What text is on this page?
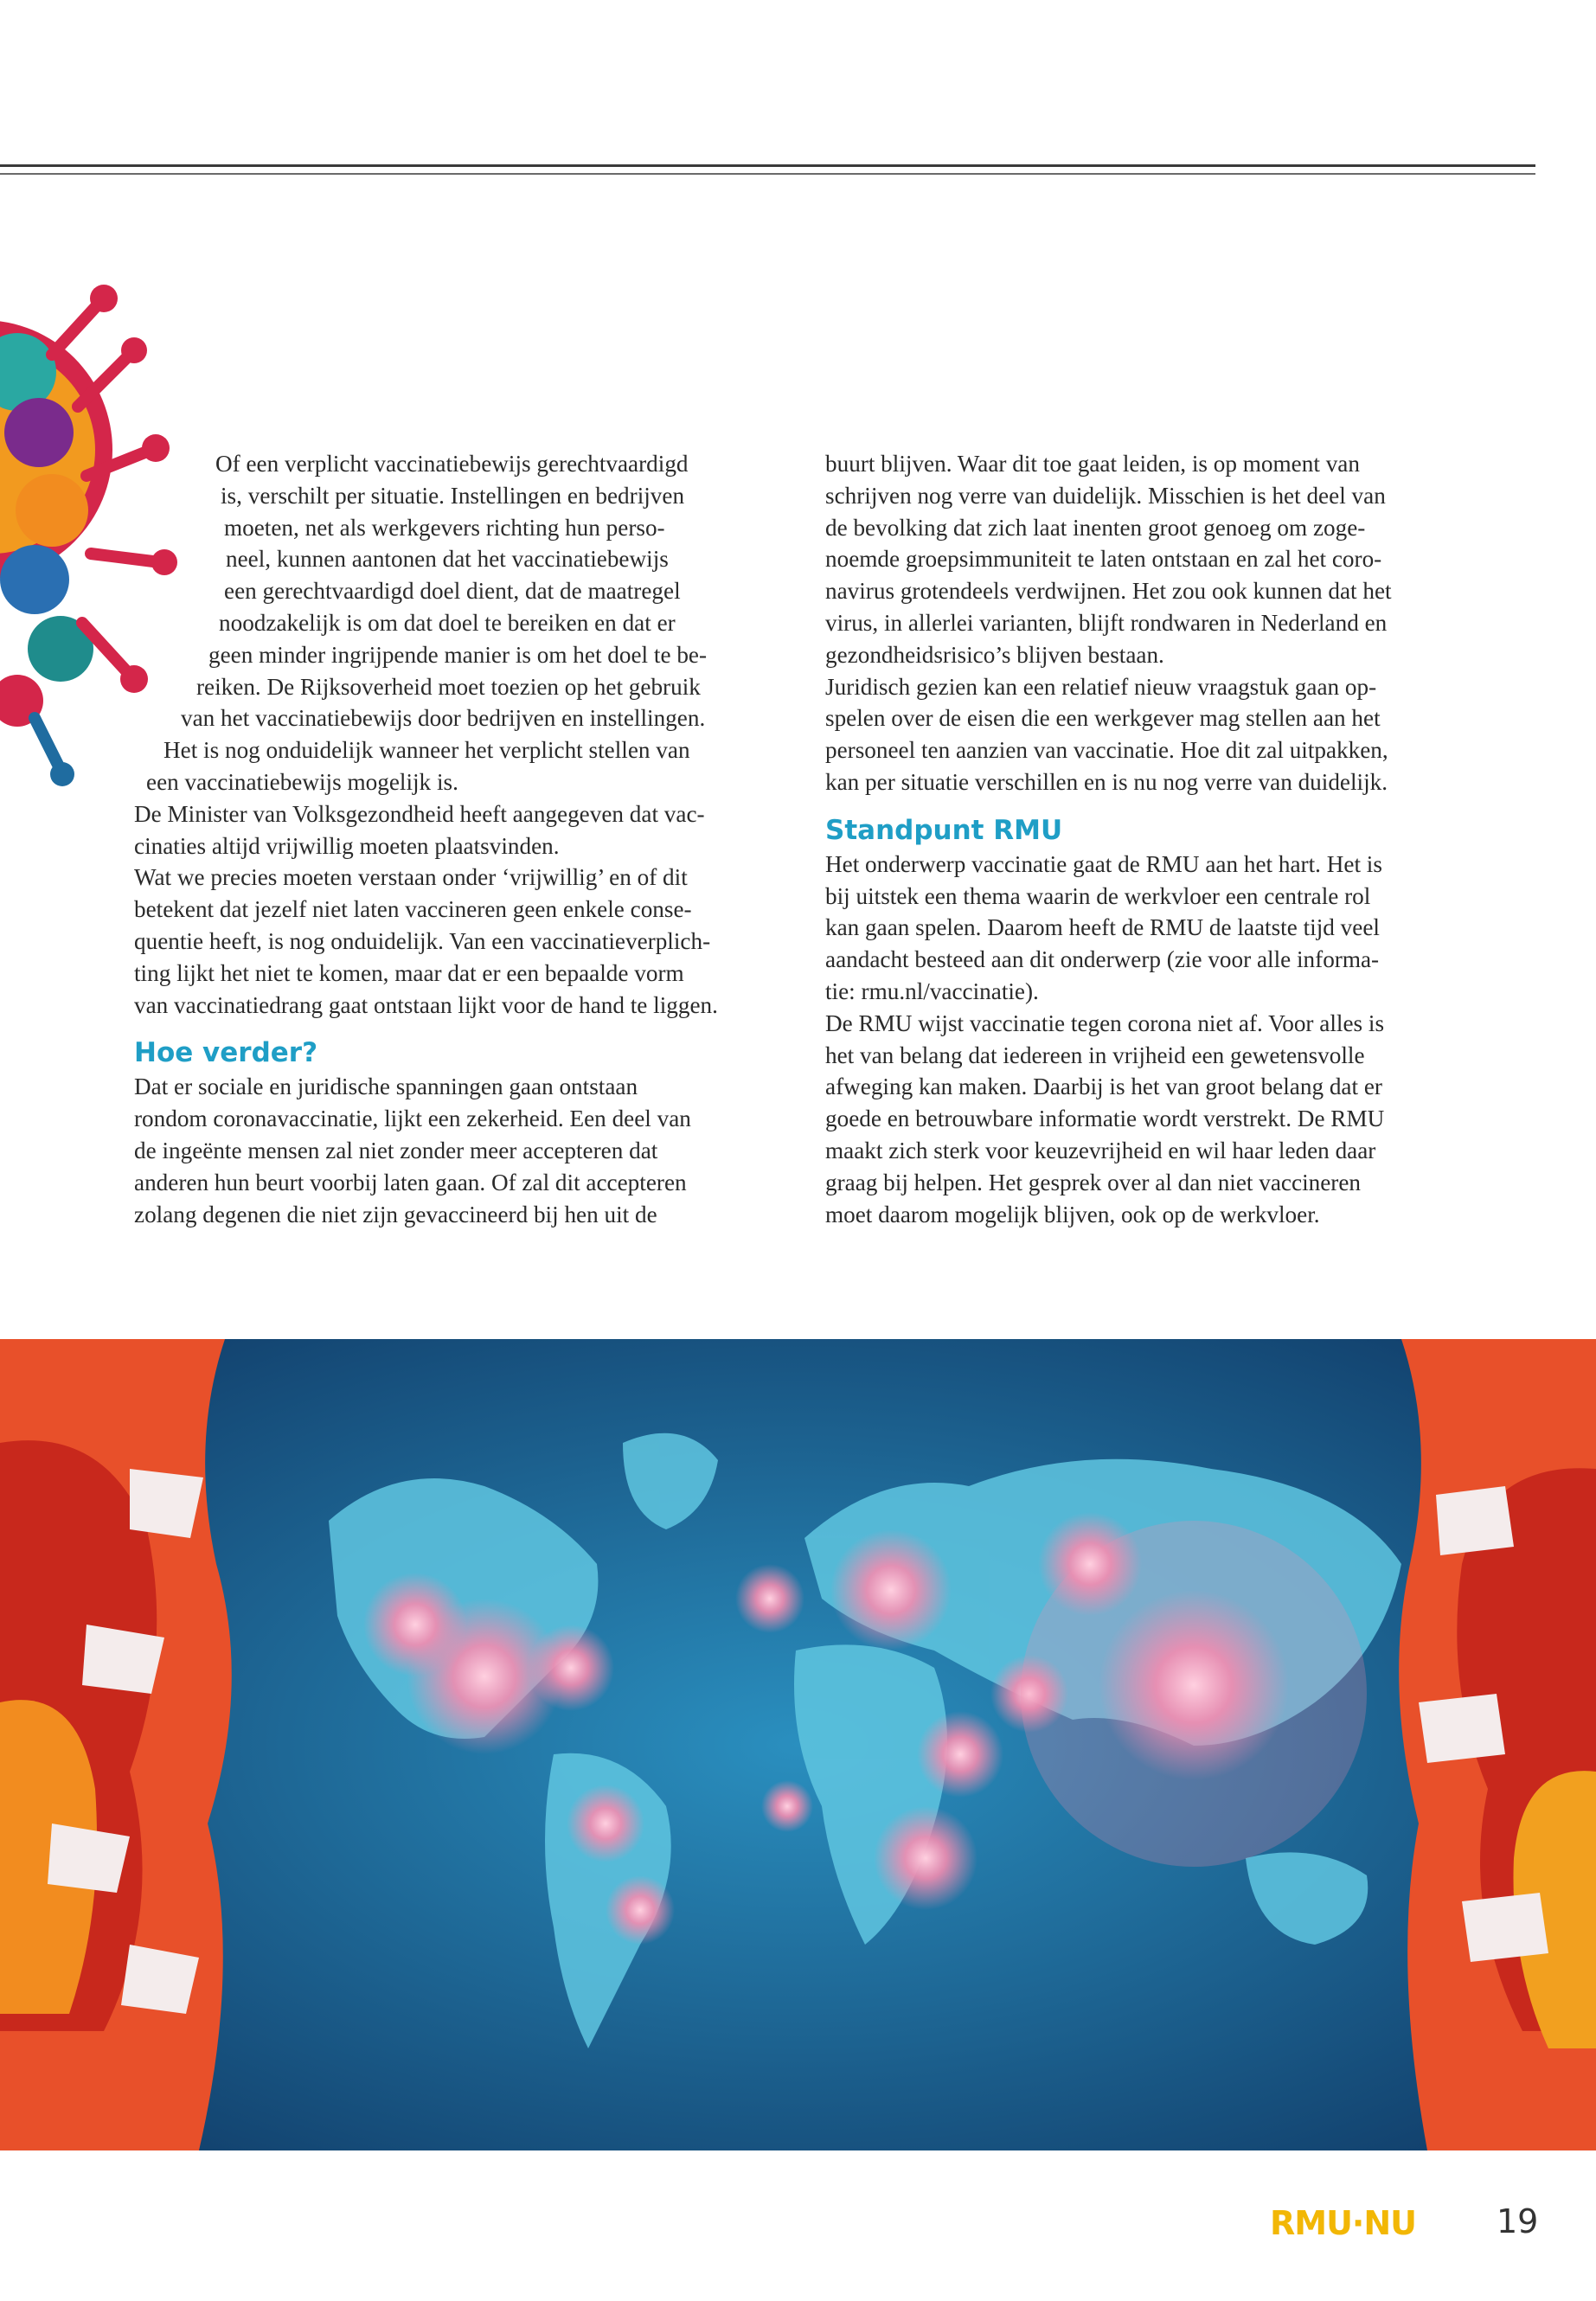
Of een verplicht vaccinatiebewijs gerechtvaardigd

is, verschilt per situatie. Instellingen en bedrijven

moeten, net als werkgevers richting hun perso-

neel, kunnen aantonen dat het vaccinatiebewijs

een gerechtvaardigd doel dient, dat de maatregel

noodzakelijk is om dat doel te bereiken en dat er

geen minder ingrijpende manier is om het doel te be-

reiken. De Rijksoverheid moet toezien op het gebruik

van het vaccinatiebewijs door bedrijven en instellingen.

Het is nog onduidelijk wanneer het verplicht stellen van

een vaccinatiebewijs mogelijk is.

De Minister van Volksgezondheid heeft aangegeven dat vac-

cinaties altijd vrijwillig moeten plaatsvinden.

Wat we precies moeten verstaan onder ‘vrijwillig’ en of dit

betekent dat jezelf niet laten vaccineren geen enkele conse-

quentie heeft, is nog onduidelijk. Van een vaccinatieverplich-

ting lijkt het niet te komen, maar dat er een bepaalde vorm

van vaccinatiedrang gaat ontstaan lijkt voor de hand te liggen.

Hoe verder?

Dat er sociale en juridische spanningen gaan ontstaan

rondom coronavaccinatie, lijkt een zekerheid. Een deel van

de ingeënte mensen zal niet zonder meer accepteren dat

anderen hun beurt voorbij laten gaan. Of zal dit accepteren

zolang degenen die niet zijn gevaccineerd bij hen uit de

buurt blijven. Waar dit toe gaat leiden, is op moment van

schrijven nog verre van duidelijk. Misschien is het deel van

de bevolking dat zich laat inenten groot genoeg om zoge-

noemde groepsimmuniteit te laten ontstaan en zal het coro-

navirus grotendeels verdwijnen. Het zou ook kunnen dat het

virus, in allerlei varianten, blijft rondwaren in Nederland en

gezondheidsrisico’s blijven bestaan.

Juridisch gezien kan een relatief nieuw vraagstuk gaan op-

spelen over de eisen die een werkgever mag stellen aan het

personeel ten aanzien van vaccinatie. Hoe dit zal uitpakken,

kan per situatie verschillen en is nu nog verre van duidelijk.

Standpunt RMU

Het onderwerp vaccinatie gaat de RMU aan het hart. Het is

bij uitstek een thema waarin de werkvloer een centrale rol

kan gaan spelen. Daarom heeft de RMU de laatste tijd veel

aandacht besteed aan dit onderwerp (zie voor alle informa-

tie: rmu.nl/vaccinatie).

De RMU wijst vaccinatie tegen corona niet af. Voor alles is

het van belang dat iedereen in vrijheid een gewetensvolle

afweging kan maken. Daarbij is het van groot belang dat er

goede en betrouwbare informatie wordt verstrekt. De RMU

maakt zich sterk voor keuzevrijheid en wil haar leden daar

graag bij helpen. Het gesprek over al dan niet vaccineren

moet daarom mogelijk blijven, ook op de werkvloer.

RMU·NU 19
